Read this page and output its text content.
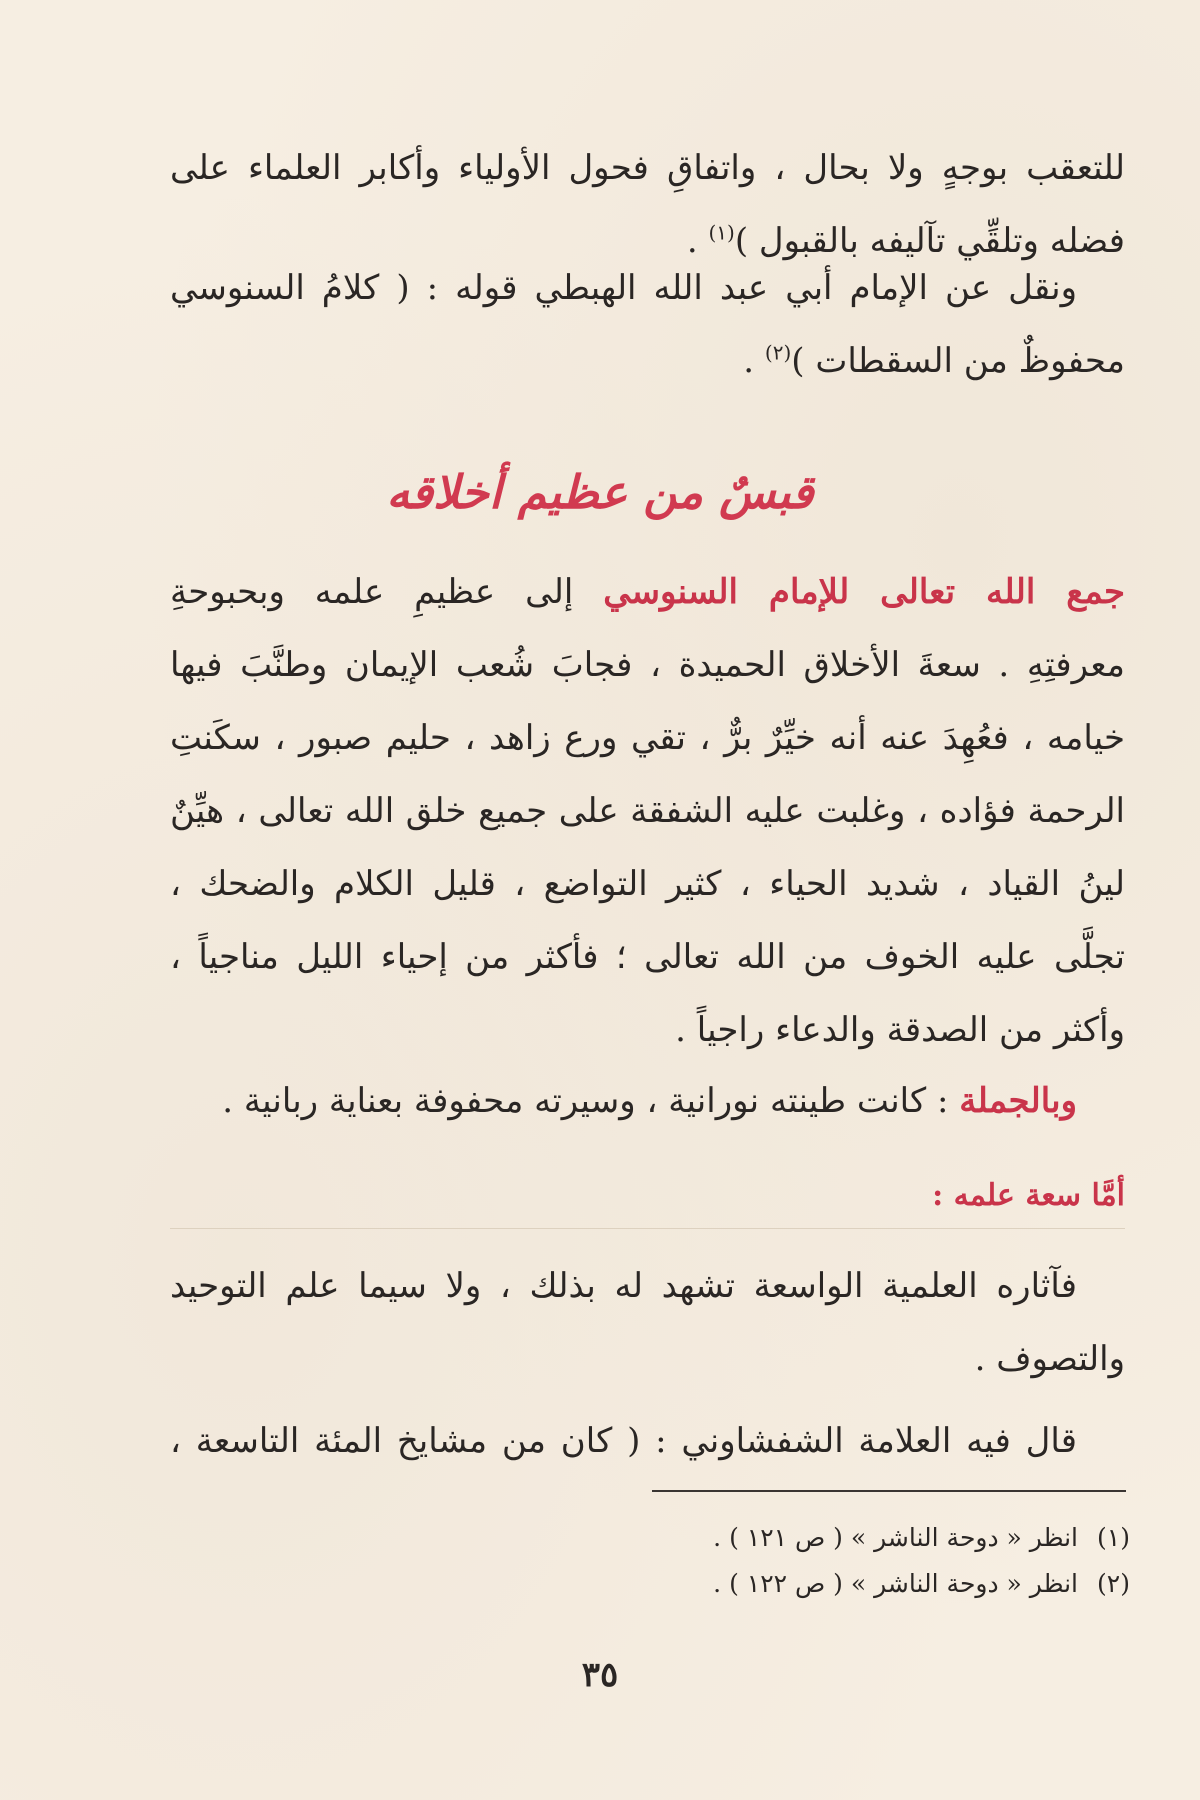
للتعقب بوجهٍ ولا بحال ، واتفاقِ فحول الأولياء وأكابر العلماء على
فضله وتلقِّي تآليفه بالقبول )$^{(١)}$ .
ونقل عن الإمام أبي عبد الله الهبطي قوله : ( كلامُ السنوسي
محفوظٌ من السقطات )$^{(٢)}$ .
قبسٌ من عظيم أخلاقه
جمع الله تعالى للإمام السنوسي إلى عظيمِ علمه وبحبوحةِ
معرفتِهِ . سعةَ الأخلاق الحميدة ، فجابَ شُعب الإيمان وطنَّبَ فيها
خيامه ، فعُهِدَ عنه أنه خيِّرٌ برٌّ ، تقي ورع زاهد ، حليم صبور ، سكَنتِ
الرحمة فؤاده ، وغلبت عليه الشفقة على جميع خلق الله تعالى ، هيِّنٌ
لينُ القياد ، شديد الحياء ، كثير التواضع ، قليل الكلام والضحك ،
تجلَّى عليه الخوف من الله تعالى ؛ فأكثر من إحياء الليل مناجياً ،
وأكثر من الصدقة والدعاء راجياً .
وبالجملة : كانت طينته نورانية ، وسيرته محفوفة بعناية ربانية .
أمَّا سعة علمه :
فآثاره العلمية الواسعة تشهد له بذلك ، ولا سيما علم التوحيد
والتصوف .
قال فيه العلامة الشفشاوني : ( كان من مشايخ المئة التاسعة ،
(١)انظر « دوحة الناشر » ( ص ١٢١ ) .
(٢)انظر « دوحة الناشر » ( ص ١٢٢ ) .
٣٥
